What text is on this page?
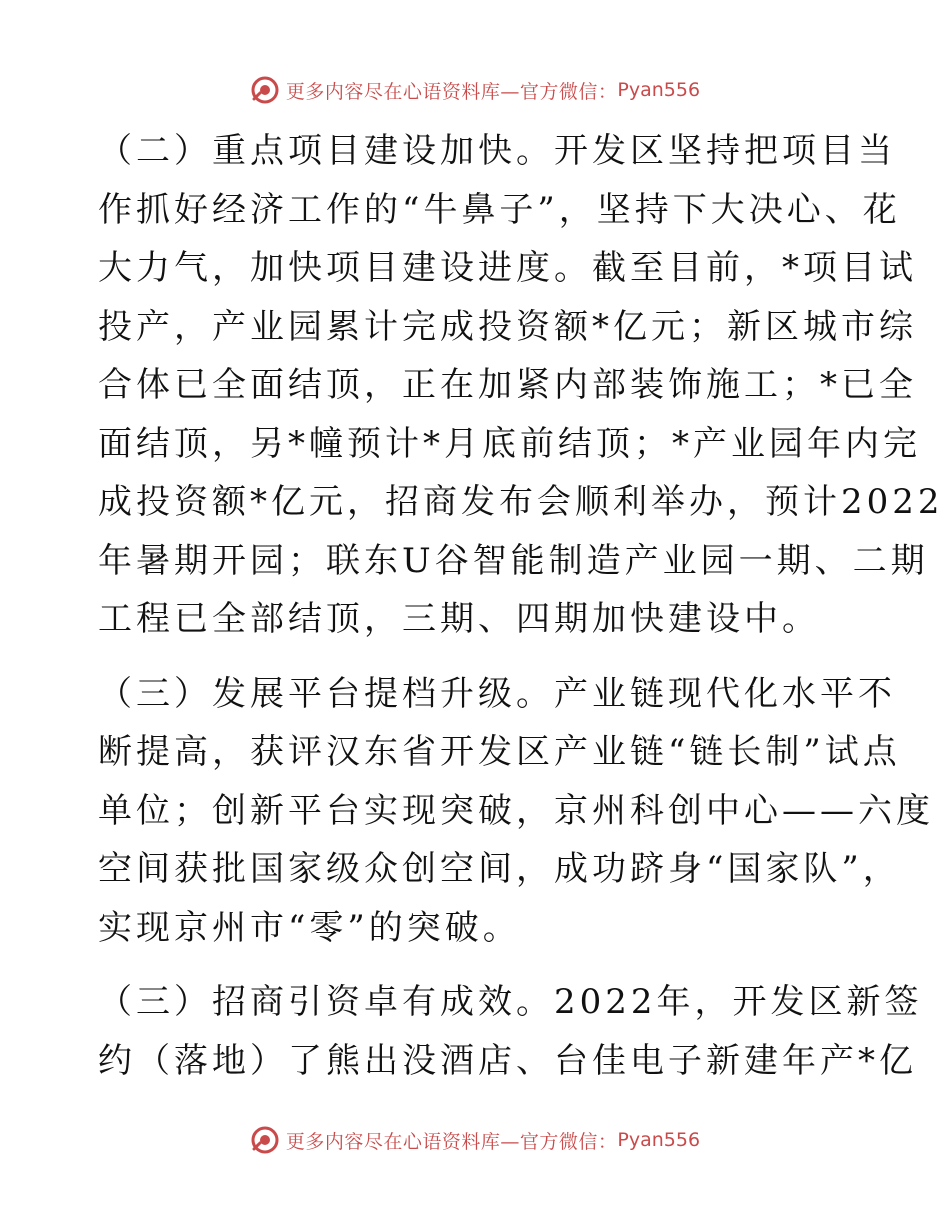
更多内容尽在心语资料库—官方微信： Pyan556
（二）重点项目建设加快。开发区坚持把项目当
作抓好经济工作的“牛鼻子”，坚持下大决心、花
大力气，加快项目建设进度。截至目前，*项目试
投产，产业园累计完成投资额*亿元；新区城市综
合体已全面结顶，正在加紧内部装饰施工；*已全
面结顶，另*幢预计*月底前结顶；*产业园年内完
成投资额*亿元，招商发布会顺利举办，预计2022
年暑期开园；联东U谷智能制造产业园一期、二期
工程已全部结顶，三期、四期加快建设中。
（三）发展平台提档升级。产业链现代化水平不
断提高，获评汉东省开发区产业链“链长制”试点
单位；创新平台实现突破，京州科创中心——六度
空间获批国家级众创空间，成功跻身“国家队”，
实现京州市“零”的突破。
（三）招商引资卓有成效。2022年，开发区新签
约（落地）了熊出没酒店、台佳电子新建年产*亿
更多内容尽在心语资料库—官方微信： Pyan556
